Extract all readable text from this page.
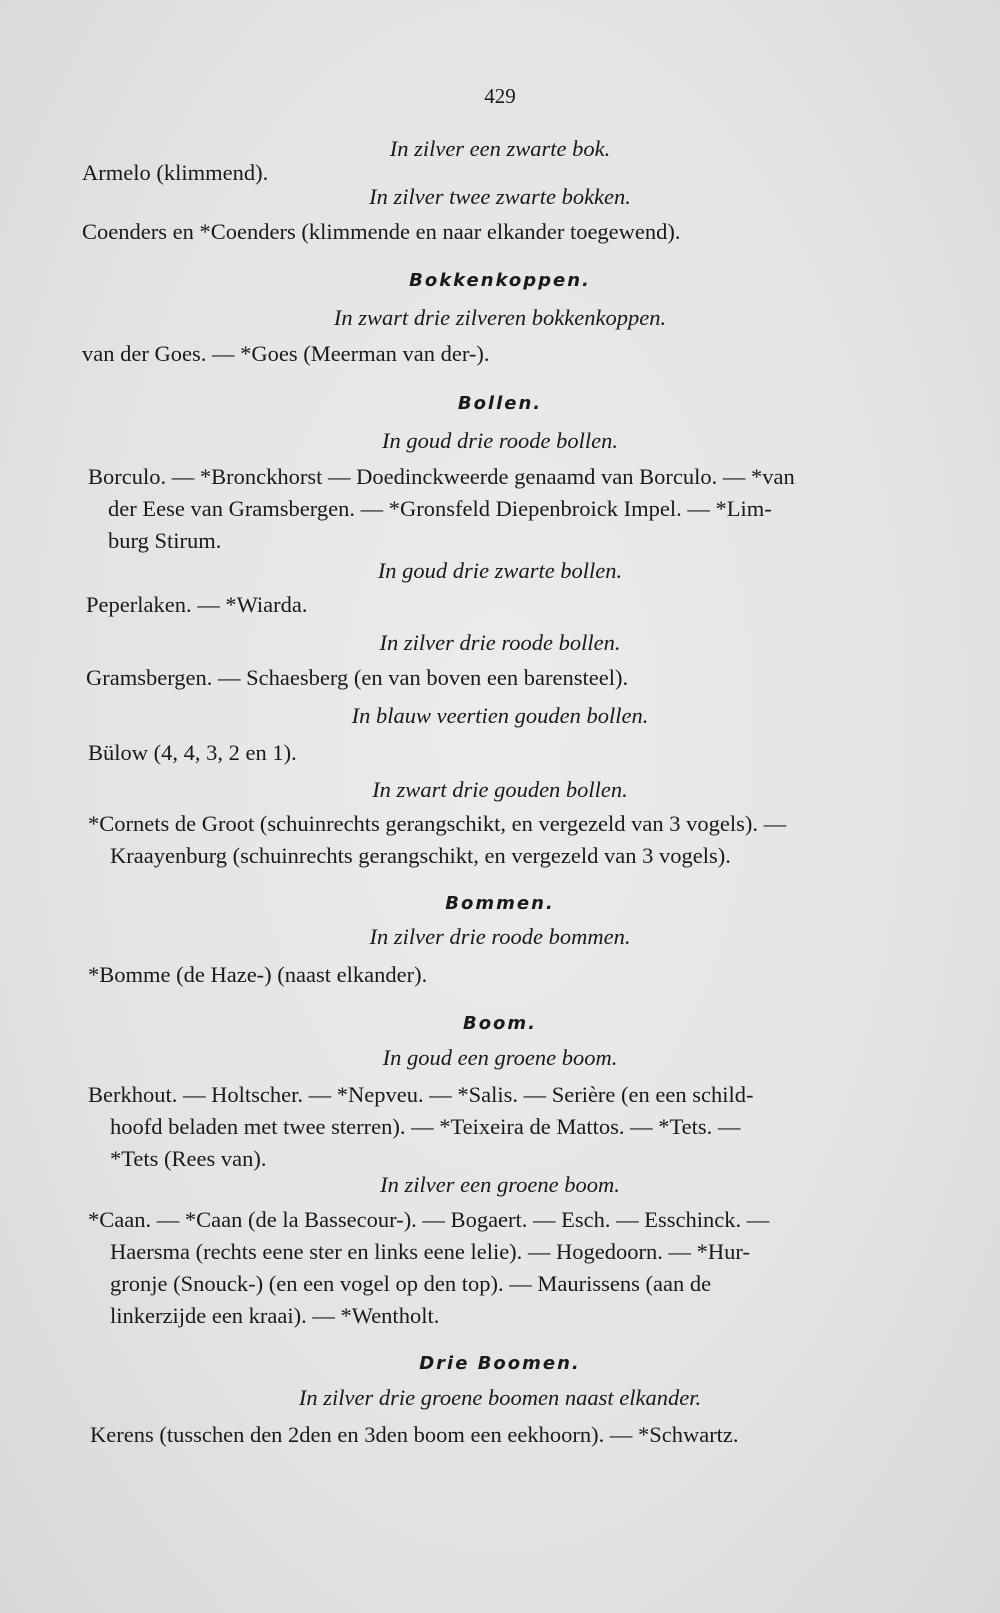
429
In zilver een zwarte bok.
Armelo (klimmend).
In zilver twee zwarte bokken.
Coenders en *Coenders (klimmende en naar elkander toegewend).
Bokkenkoppen.
In zwart drie zilveren bokkenkoppen.
van der Goes. — *Goes (Meerman van der-).
Bollen.
In goud drie roode bollen.
Borculo. — *Bronckhorst — Doedinckweerde genaamd van Borculo. — *van
der Eese van Gramsbergen. — *Gronsfeld Diepenbroick Impel. — *Lim-
burg Stirum.
In goud drie zwarte bollen.
Peperlaken. — *Wiarda.
In zilver drie roode bollen.
Gramsbergen. — Schaesberg (en van boven een barensteel).
In blauw veertien gouden bollen.
Bülow (4, 4, 3, 2 en 1).
In zwart drie gouden bollen.
*Cornets de Groot (schuinrechts gerangschikt, en vergezeld van 3 vogels). —
Kraayenburg (schuinrechts gerangschikt, en vergezeld van 3 vogels).
Bommen.
In zilver drie roode bommen.
*Bomme (de Haze-) (naast elkander).
Boom.
In goud een groene boom.
Berkhout. — Holtscher. — *Nepveu. — *Salis. — Serière (en een schild-
hoofd beladen met twee sterren). — *Teixeira de Mattos. — *Tets. —
*Tets (Rees van).
In zilver een groene boom.
*Caan. — *Caan (de la Bassecour-). — Bogaert. — Esch. — Esschinck. —
Haersma (rechts eene ster en links eene lelie). — Hogedoorn. — *Hur-
gronje (Snouck-) (en een vogel op den top). — Maurissens (aan de
linkerzijde een kraai). — *Wentholt.
Drie Boomen.
In zilver drie groene boomen naast elkander.
Kerens (tusschen den 2den en 3den boom een eekhoorn). — *Schwartz.
